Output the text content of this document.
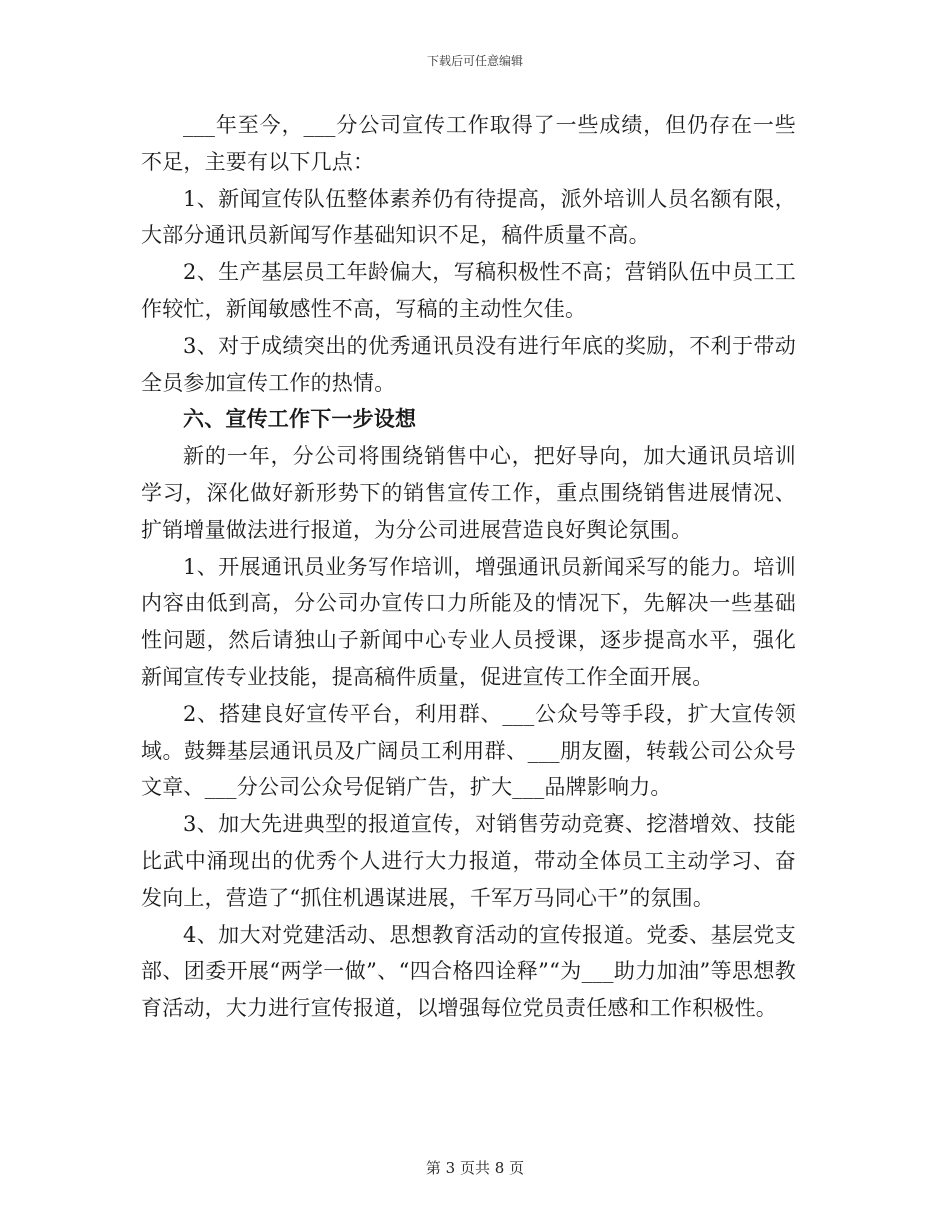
下载后可任意编辑

___年至今，___分公司宣传工作取得了一些成绩，但仍存在一些不足，主要有以下几点：

1、新闻宣传队伍整体素养仍有待提高，派外培训人员名额有限，大部分通讯员新闻写作基础知识不足，稿件质量不高。

2、生产基层员工年龄偏大，写稿积极性不高；营销队伍中员工工作较忙，新闻敏感性不高，写稿的主动性欠佳。

3、对于成绩突出的优秀通讯员没有进行年底的奖励，不利于带动全员参加宣传工作的热情。

六、宣传工作下一步设想

新的一年，分公司将围绕销售中心，把好导向，加大通讯员培训学习，深化做好新形势下的销售宣传工作，重点围绕销售进展情况、扩销增量做法进行报道，为分公司进展营造良好舆论氛围。

1、开展通讯员业务写作培训，增强通讯员新闻采写的能力。培训内容由低到高，分公司办宣传口力所能及的情况下，先解决一些基础性问题，然后请独山子新闻中心专业人员授课，逐步提高水平，强化新闻宣传专业技能，提高稿件质量，促进宣传工作全面开展。

2、搭建良好宣传平台，利用群、___公众号等手段，扩大宣传领域。鼓舞基层通讯员及广阔员工利用群、___朋友圈，转载公司公众号文章、___分公司公众号促销广告，扩大___品牌影响力。

3、加大先进典型的报道宣传，对销售劳动竞赛、挖潜增效、技能比武中涌现出的优秀个人进行大力报道，带动全体员工主动学习、奋发向上，营造了“抓住机遇谋进展，千军万马同心干”的氛围。

4、加大对党建活动、思想教育活动的宣传报道。党委、基层党支部、团委开展“两学一做”、“四合格四诠释”“为___助力加油”等思想教育活动，大力进行宣传报道，以增强每位党员责任感和工作积极性。

第 3 页共 8 页
